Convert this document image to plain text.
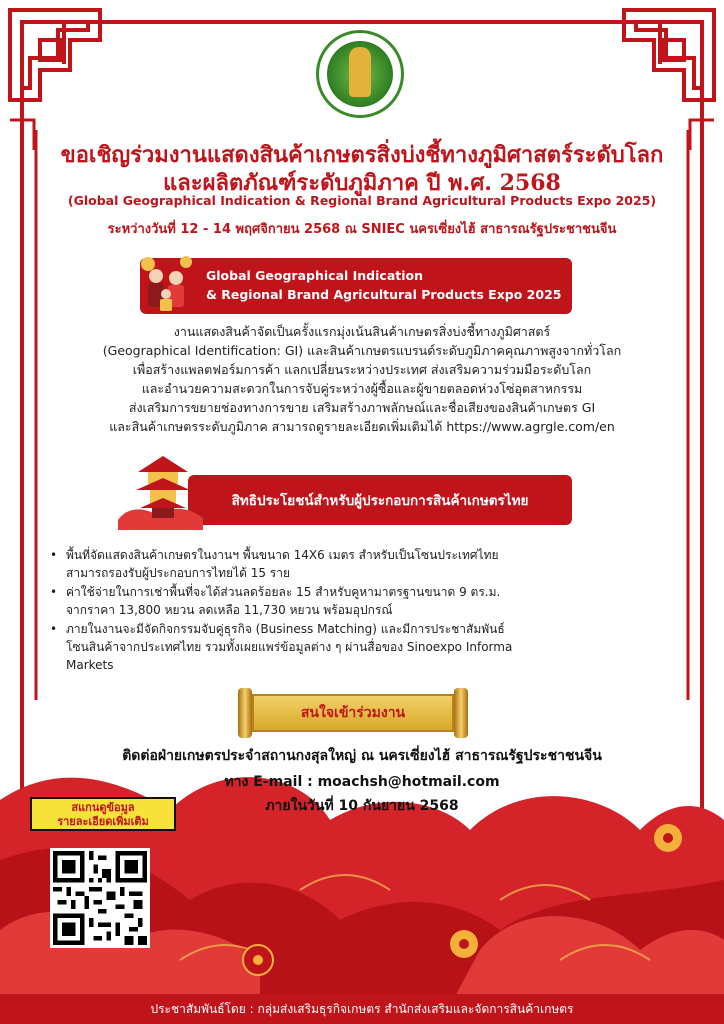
ขอเชิญร่วมงานแสดงสินค้าเกษตรสิ่งบ่งชี้ทางภูมิศาสตร์ระดับโลก
และผลิตภัณฑ์ระดับภูมิภาค ปี พ.ศ. 2568
(Global Geographical Indication & Regional Brand Agricultural Products Expo 2025)
ระหว่างวันที่ 12 - 14 พฤศจิกายน 2568 ณ SNIEC นครเซี่ยงไฮ้ สาธารณรัฐประชาชนจีน
Global Geographical Indication
& Regional Brand Agricultural Products Expo 2025
งานแสดงสินค้าจัดเป็นครั้งแรกมุ่งเน้นสินค้าเกษตรสิ่งบ่งชี้ทางภูมิศาสตร์
(Geographical Identification: GI) และสินค้าเกษตรแบรนด์ระดับภูมิภาคคุณภาพสูงจากทั่วโลก
เพื่อสร้างแพลตฟอร์มการค้า แลกเปลี่ยนระหว่างประเทศ ส่งเสริมความร่วมมือระดับโลก
และอำนวยความสะดวกในการจับคู่ระหว่างผู้ซื้อและผู้ขายตลอดห่วงโซ่อุตสาหกรรม
ส่งเสริมการขยายช่องทางการขาย เสริมสร้างภาพลักษณ์และชื่อเสียงของสินค้าเกษตร GI
และสินค้าเกษตรระดับภูมิภาค สามารถดูรายละเอียดเพิ่มเติมได้ https://www.agrgle.com/en
สิทธิประโยชน์สำหรับผู้ประกอบการสินค้าเกษตรไทย
• พื้นที่จัดแสดงสินค้าเกษตรในงานฯ พื้นขนาด 14X6 เมตร สำหรับเป็นโซนประเทศไทย
สามารถรองรับผู้ประกอบการไทยได้ 15 ราย
• ค่าใช้จ่ายในการเช่าพื้นที่จะได้ส่วนลดร้อยละ 15 สำหรับคูหามาตรฐานขนาด 9 ตร.ม.
จากราคา 13,800 หยวน ลดเหลือ 11,730 หยวน พร้อมอุปกรณ์
• ภายในงานจะมีจัดกิจกรรมจับคู่ธุรกิจ (Business Matching) และมีการประชาสัมพันธ์
โซนสินค้าจากประเทศไทย รวมทั้งเผยแพร่ข้อมูลต่าง ๆ ผ่านสื่อของ Sinoexpo Informa
Markets
สนใจเข้าร่วมงาน
ติดต่อฝ่ายเกษตรประจำสถานกงสุลใหญ่ ณ นครเซี่ยงไฮ้ สาธารณรัฐประชาชนจีน
ทาง E-mail : moachsh@hotmail.com
ภายในวันที่ 10 กันยายน 2568
สแกนดูข้อมูล
รายละเอียดเพิ่มเติม
ประชาสัมพันธ์โดย : กลุ่มส่งเสริมธุรกิจเกษตร สำนักส่งเสริมและจัดการสินค้าเกษตร
